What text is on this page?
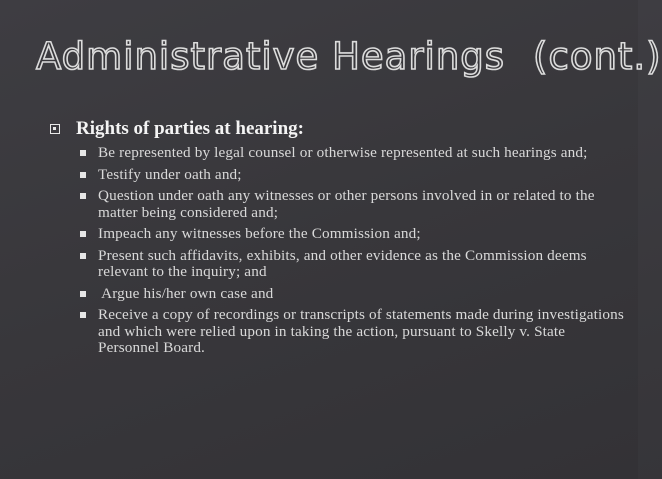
Administrative Hearings (cont.)
Rights of parties at hearing:
Be represented by legal counsel or otherwise represented at such hearings and;
Testify under oath and;
Question under oath any witnesses or other persons involved in or related to the matter being considered and;
Impeach any witnesses before the Commission and;
Present such affidavits, exhibits, and other evidence as the Commission deems relevant to the inquiry; and
Argue his/her own case and
Receive a copy of recordings or transcripts of statements made during investigations and which were relied upon in taking the action, pursuant to Skelly v. State Personnel Board.
